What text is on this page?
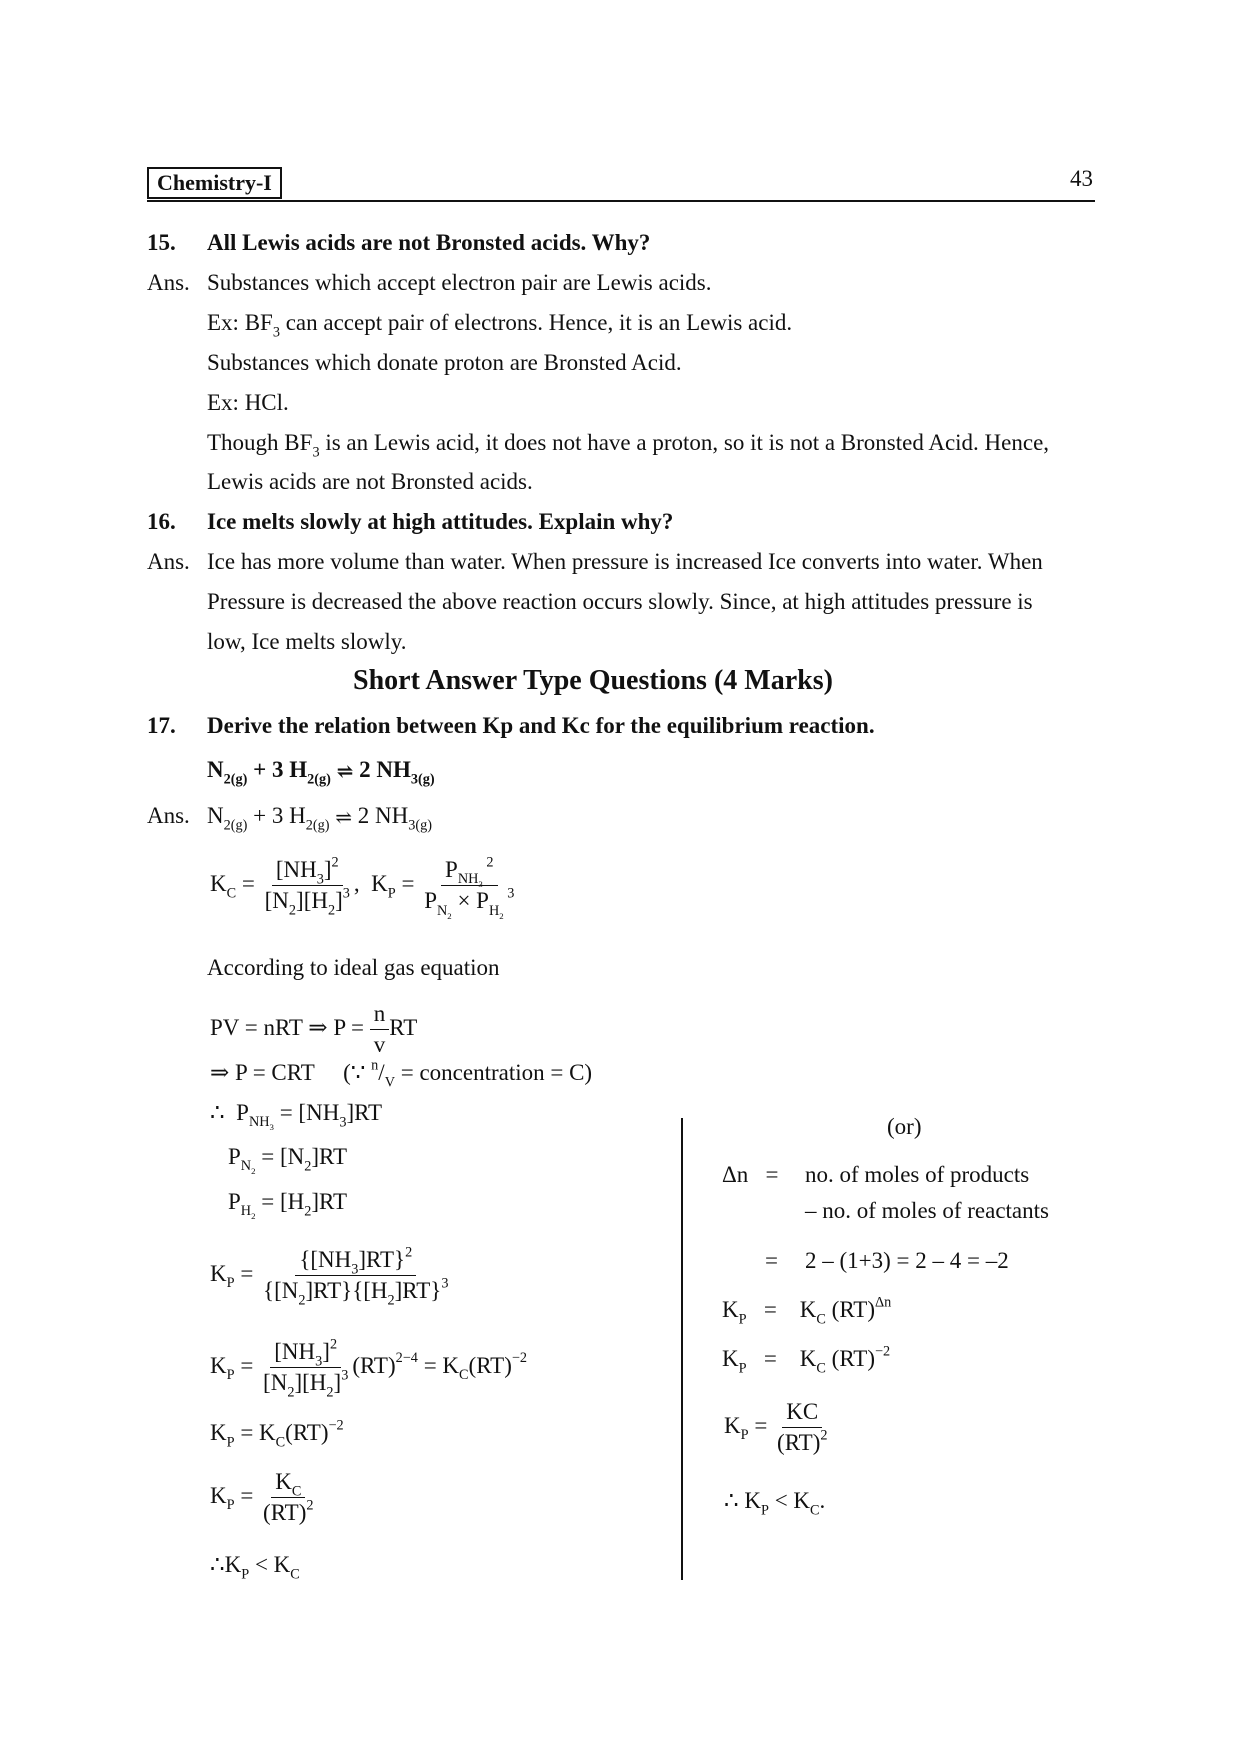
Chemistry-I	43
15. All Lewis acids are not Bronsted acids. Why?
Ans. Substances which accept electron pair are Lewis acids.
Ex: $BF_3$ can accept pair of electrons. Hence, it is an Lewis acid.
Substances which donate proton are Bronsted Acid.
Ex: HCl.
Though $BF_3$ is an Lewis acid, it does not have a proton, so it is not a Bronsted Acid. Hence,
Lewis acids are not Bronsted acids.
16. Ice melts slowly at high attitudes. Explain why?
Ans. Ice has more volume than water. When pressure is increased Ice converts into water. When
Pressure is decreased the above reaction occurs slowly. Since, at high attitudes pressure is
low, Ice melts slowly.
Short Answer Type Questions (4 Marks)
17. Derive the relation between Kp and Kc for the equilibrium reaction.
$N_{2(g)} + 3$ $H_{2(g)}$ ⇌ 2 $NH_{3(g)}$
Ans. $N_{2(g)} + 3$ $H_{2(g)}$ ⇌ 2 $NH_{3(g)}$
$K_C = \frac{[NH_3]^2}{[N_2][H_2]^3}$ ,  $K_P = \frac{P_{NH_3} ^2}{P_{N_2} \times P_{H_2} ^3}$
According to ideal gas equation
PV = nRT ⇒ $P = \frac{n}{v}$ RT
⇒ P = CRT     (∵ $^n/_V$ = concentration = C)
∴  $P_{NH_3} = [NH_3]RT$
$P_{N_2} = [N_2]RT$
$P_{H_2} = [H_2]RT$
$K_P = \frac{\{[NH_3]RT\}^2}{\{[N_2]RT\}\{[H_2]RT\}^3}$
$K_P = \frac{[NH_3]^2}{[N_2][H_2]^3} (RT)^{2-4} = K_C(RT)^{-2}$
$K_P = K_C(RT)^{-2}$
$K_P = \frac{K_C}{(RT)^2}$
$\therefore K_P < K_C$
(or)
Δn   = no. of moles of products
– no. of moles of reactants
= 2 – (1+3) = 2 – 4 = –2
$K_P$   =    $K_C$ (RT)$^{\Delta n}$
$K_P$   =    $K_C$ (RT)$^{-2}$
$K_P = \frac{KC}{(RT)^2}$
∴ $K_P < K_C$.
